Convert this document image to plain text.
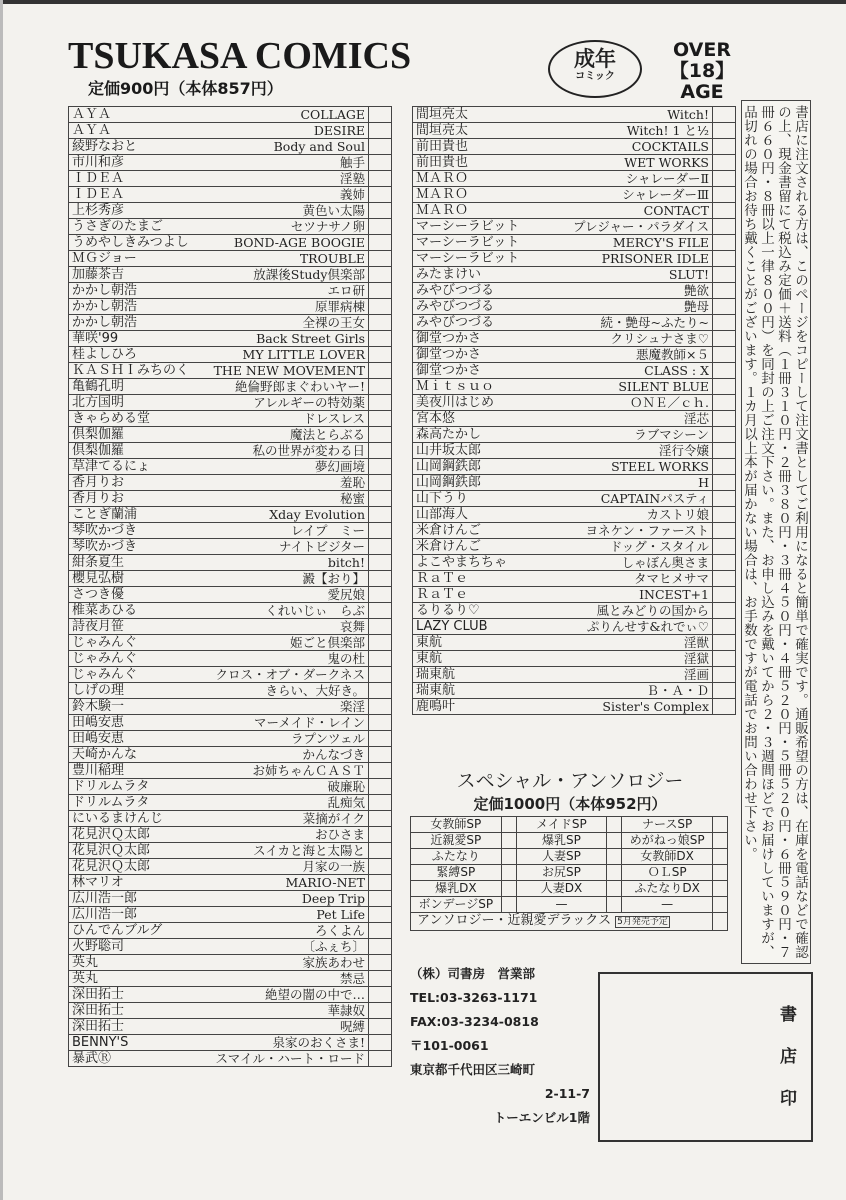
TSUKASA COMICS
定価900円（本体857円）
成年
コミック
OVER
【18】
AGE
ＡＹＡ COLLAGE	

ＡＹＡ DESIRE	

綾野なおと Body and Soul	

市川和彦 触手	

ＩＤＥＡ 淫塾	

ＩＤＥＡ 義姉	

上杉秀彦 黄色い太陽	

うさぎのたまご セツナサノ卵	

うめやしきみつよし BOND-AGE BOOGIE	

ＭＧジョー TROUBLE	

加藤茶吉 放課後Study倶楽部	

かかし朝浩 エロ研	

かかし朝浩 原罪病棟	

かかし朝浩 全裸の王女	

華咲'99 Back Street Girls	

桂よしひろ MY LITTLE LOVER	

ＫＡＳＨＩみちのく THE NEW MOVEMENT	

亀鶴孔明 絶倫野郎まぐわいヤー!	

北方国明 アレルギーの特効薬	

きゃらめる堂 ドレスレス	

倶梨伽羅 魔法とらぶる	

倶梨伽羅 私の世界が変わる日	

草津てるにょ 夢幻画境	

香月りお 羞恥	

香月りお 秘蜜	

ことぎ蘭浦 Xday Evolution	

琴吹かづき レイプ　ミー	

琴吹かづき ナイトビジター	

紺条夏生 bitch!	

櫻見弘樹 澱【おり】	

さつき優 愛尻娘	

椎菜あひる くれいじぃ　らぶ	

詩夜月笹 哀舞	

じゃみんぐ 姫ごと倶楽部	

じゃみんぐ 鬼の杜	

じゃみんぐ クロス・オブ・ダークネス	

しげの理 きらい、大好き。	

鈴木験一 楽淫	

田嶋安恵 マーメイド・レイン	

田嶋安恵 ラプンツェル	

天崎かんな かんなづき	

豊川稲理 お姉ちゃんＣＡＳＴ	

ドリルムラタ 破廉恥	

ドリルムラタ 乱痴気	

にいるまけんじ 菜摘がイク	

花見沢Ｑ太郎 おひさま	

花見沢Ｑ太郎 スイカと海と太陽と	

花見沢Ｑ太郎 月家の一族	

林マリオ MARIO-NET	

広川浩一郎 Deep Trip	

広川浩一郎 Pet Life	

ひんでんブルグ ろくよん	

火野聡司 〔ふぇち〕	

英丸 家族あわせ	

英丸 禁忌	

深田拓士 絶望の闇の中で…	

深田拓士 華隷奴	

深田拓士 呪縛	

BENNY'S 泉家のおくさま!	

暴武Ⓡ スマイル・ハート・ロード	

間垣亮太 Witch!	

間垣亮太 Witch! 1 と½	

前田貴也 COCKTAILS	

前田貴也 WET WORKS	

ＭＡＲＯ シャレーダーⅡ	

ＭＡＲＯ シャレーダーⅢ	

ＭＡＲＯ CONTACT	

マーシーラビット プレジャー・パラダイス	

マーシーラビット MERCY'S FILE	

マーシーラビット PRISONER IDLE	

みたまけい SLUT!	

みやびつづる 艶欲	

みやびつづる 艶母	

みやびつづる 続・艶母~ふたり~	

御堂つかさ クリシュナさま♡	

御堂つかさ 悪魔教師×５	

御堂つかさ CLASS : X	

Ｍｉｔｓｕｏ SILENT BLUE	

美夜川はじめ ＯＮＥ／ｃｈ.	

宮本悠 淫芯	

森高たかし ラブマシーン	

山井坂太郎 淫行令嬢	

山岡鋼鉄郎 STEEL WORKS	

山岡鋼鉄郎 H	

山下うり CAPTAINパスティ	

山部海人 カストリ娘	

米倉けんご ヨネケン・ファースト	

米倉けんご ドッグ・スタイル	

よこやまちちゃ しゃぼん奥さま	

ＲａＴｅ タマヒメサマ	

ＲａＴｅ INCEST+1	

るりるり♡ 風とみどりの国から	

LAZY CLUB ぷりんせす&れでぃ♡	

東航 淫獣	

東航 淫獄	

瑞東航 淫画	

瑞東航 Ｂ・Ａ・Ｄ	

鹿鳴叶 Sister's Complex	
		書店に注文される方は、このページをコピーして注文書としてご利用になると簡単で確実です。通販希望の方は、在庫を電話などで確認の上、現金書留にて税込み定価＋送料（１冊３１０円・２冊３８０円・３冊４５０円・４冊５２０円・５冊５２０円・６冊５９０円・７冊６６０円・８冊以上一律８００円）を同封の上ご注文下さい。また、お申し込みを戴いてから２・３週間ほどでお届けしていますが、品切れの場合お待ち戴くことがございます。１カ月以上本が届かない場合は、お手数ですが電話でお問い合わせ下さい。
スペシャル・アンソロジー
定価1000円（本体952円）
女教師SP		メイドSP		ナースSP	
近親愛SP		爆乳SP		めがねっ娘SP	
ふたなり		人妻SP		女教師DX	
緊縛SP		お尻SP		ＯＬSP	
爆乳DX		人妻DX		ふたなりDX	
ボンデージSP		—		—	
アンソロジー・近親愛デラックス 5月発売予定					
（株）司書房　営業部
TEL:03-3263-1171
FAX:03-3234-0818
〒101-0061
東京都千代田区三崎町
2-11-7
トーエンビル1階
書
店
印
